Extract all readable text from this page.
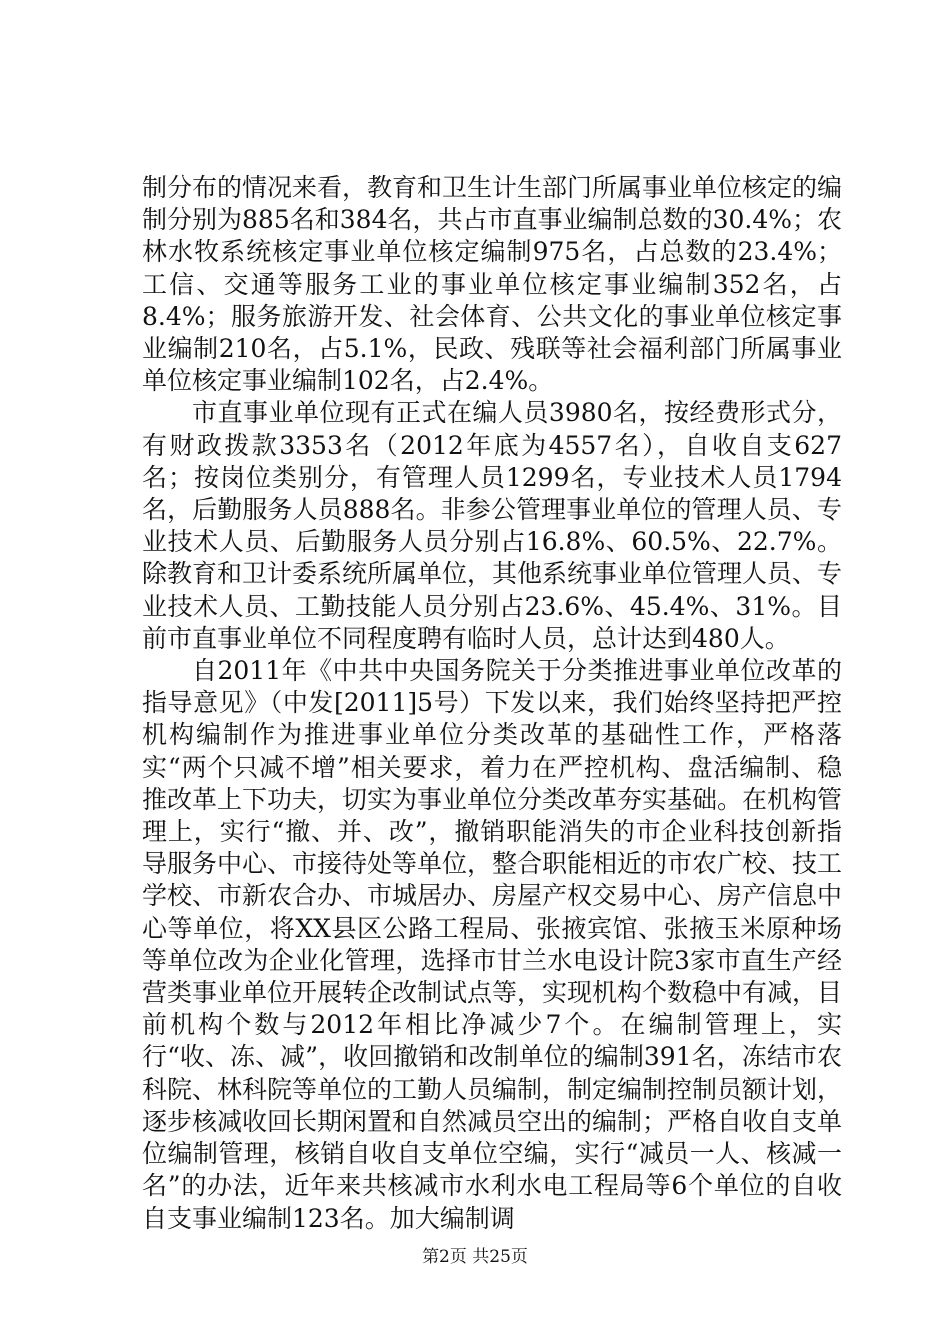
制分布的情况来看，教育和卫生计生部门所属事业单位核定的编制分别为885名和384名，共占市直事业编制总数的30.4%；农林水牧系统核定事业单位核定编制975名，占总数的23.4%；工信、交通等服务工业的事业单位核定事业编制352名，占8.4%；服务旅游开发、社会体育、公共文化的事业单位核定事业编制210名，占5.1%，民政、残联等社会福利部门所属事业单位核定事业编制102名，占2.4%。

市直事业单位现有正式在编人员3980名，按经费形式分，有财政拨款3353名（2012年底为4557名），自收自支627名；按岗位类别分，有管理人员1299名，专业技术人员1794名，后勤服务人员888名。非参公管理事业单位的管理人员、专业技术人员、后勤服务人员分别占16.8%、60.5%、22.7%。除教育和卫计委系统所属单位，其他系统事业单位管理人员、专业技术人员、工勤技能人员分别占23.6%、45.4%、31%。目前市直事业单位不同程度聘有临时人员，总计达到480人。

自2011年《中共中央国务院关于分类推进事业单位改革的指导意见》（中发[2011]5号）下发以来，我们始终坚持把严控机构编制作为推进事业单位分类改革的基础性工作，严格落实“两个只减不增”相关要求，着力在严控机构、盘活编制、稳推改革上下功夫，切实为事业单位分类改革夯实基础。在机构管理上，实行“撤、并、改”，撤销职能消失的市企业科技创新指导服务中心、市接待处等单位，整合职能相近的市农广校、技工学校、市新农合办、市城居办、房屋产权交易中心、房产信息中心等单位，将XX县区公路工程局、张掖宾馆、张掖玉米原种场等单位改为企业化管理，选择市甘兰水电设计院3家市直生产经营类事业单位开展转企改制试点等，实现机构个数稳中有减，目前机构个数与2012年相比净减少7个。在编制管理上，实行“收、冻、减”，收回撤销和改制单位的编制391名，冻结市农科院、林科院等单位的工勤人员编制，制定编制控制员额计划，逐步核减收回长期闲置和自然减员空出的编制；严格自收自支单位编制管理，核销自收自支单位空编，实行“减员一人、核减一名”的办法，近年来共核减市水利水电工程局等6个单位的自收自支事业编制123名。加大编制调

第2页 共25页
